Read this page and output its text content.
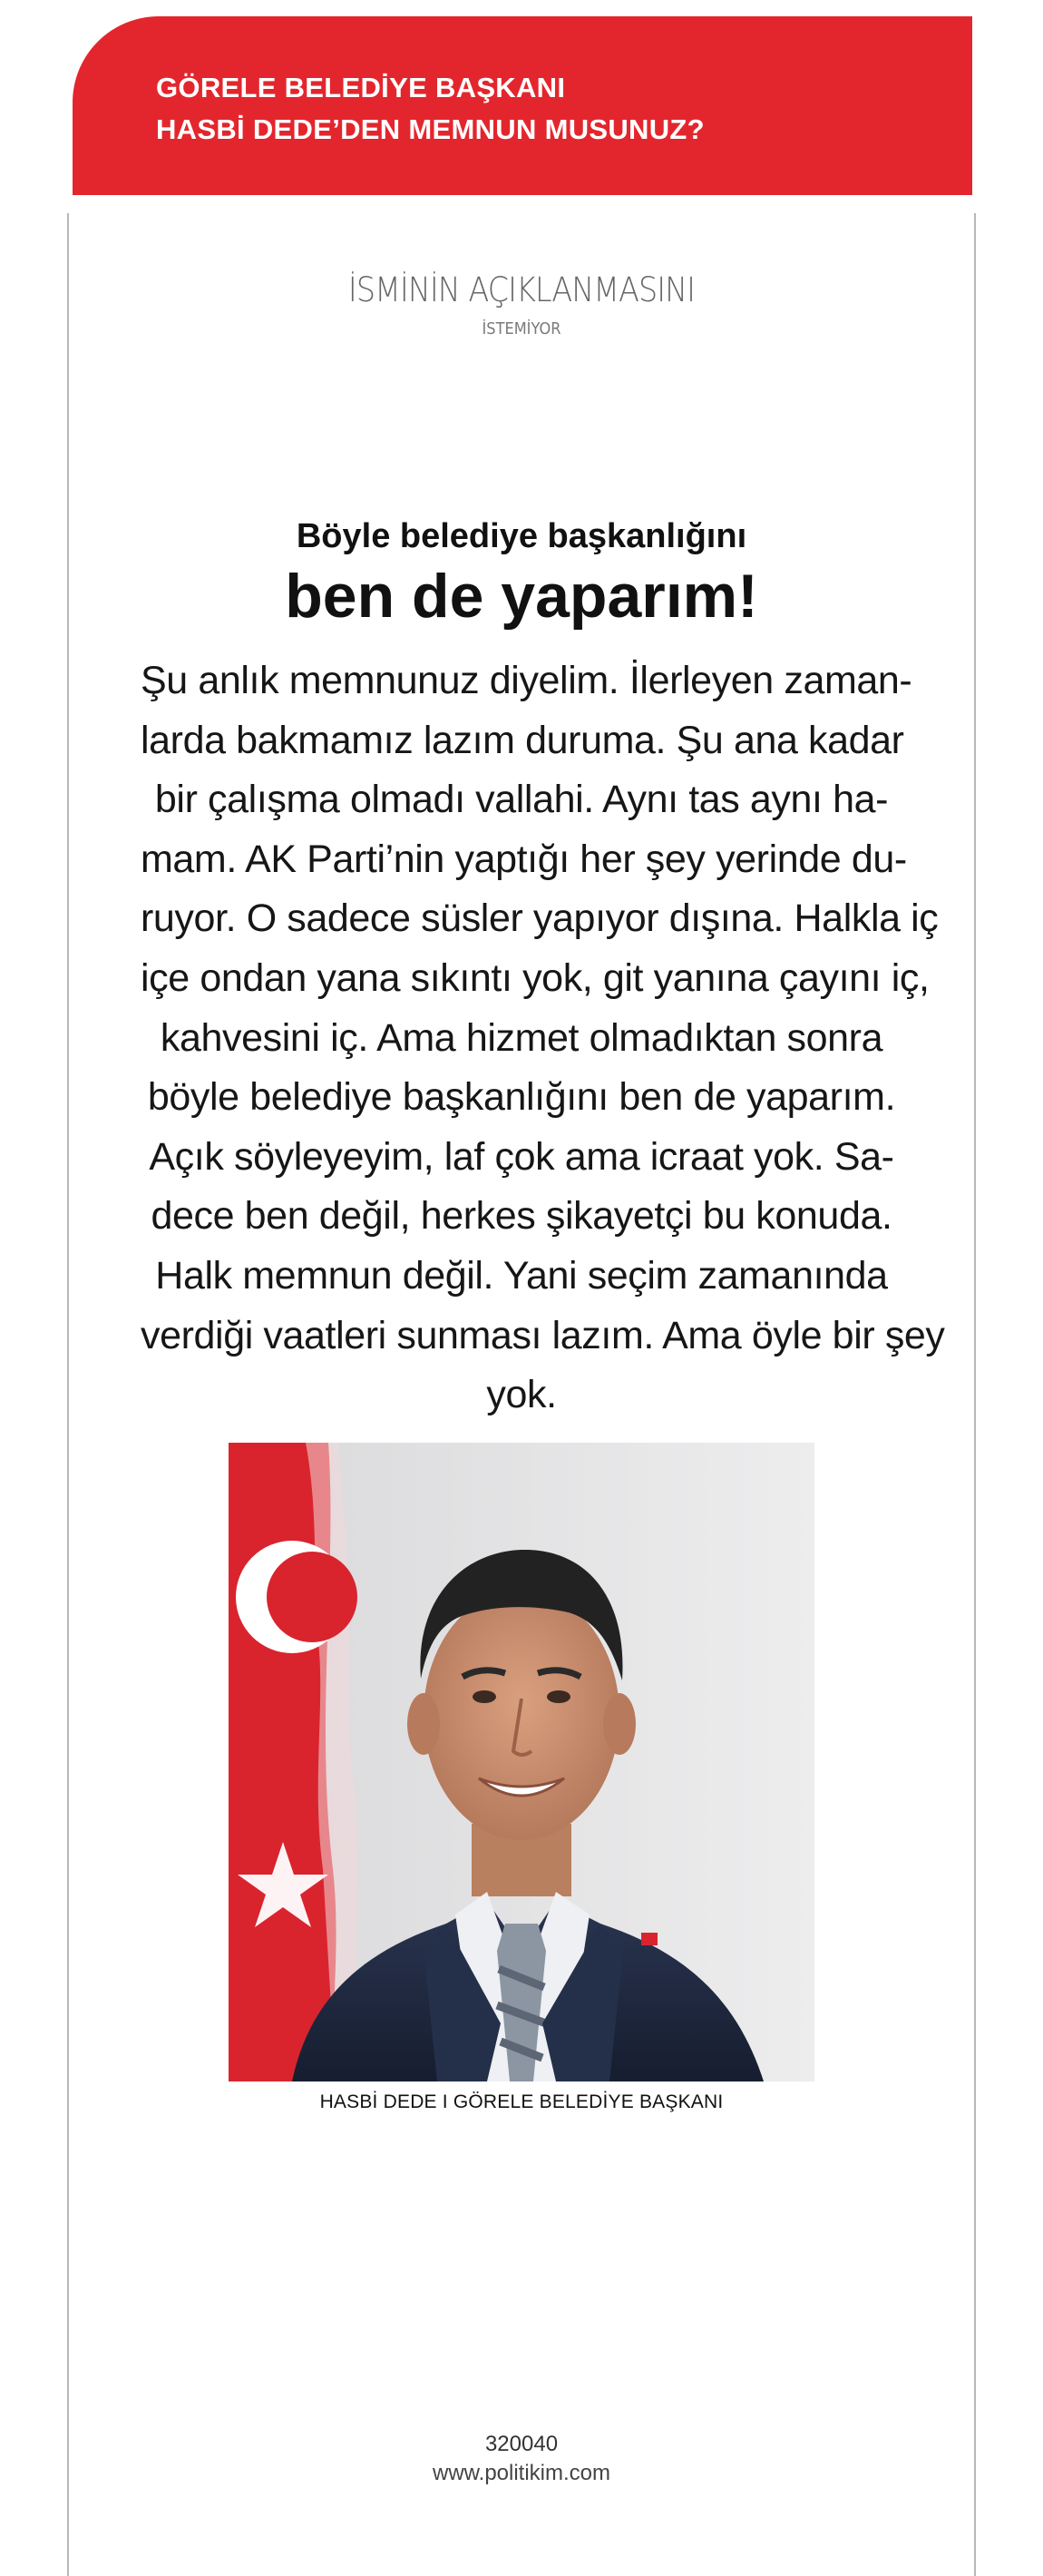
GÖRELE BELEDİYE BAŞKANI
HASBİ DEDE’DEN MEMNUN MUSUNUZ?
İSMİNİN AÇIKLANMASINI
İSTEMİYOR
Böyle belediye başkanlığını
ben de yaparım!
Şu anlık memnunuz diyelim. İlerleyen zaman-
larda bakmamız lazım duruma. Şu ana kadar
bir çalışma olmadı vallahi. Aynı tas aynı ha-
mam. AK Parti’nin yaptığı her şey yerinde du-
ruyor. O sadece süsler yapıyor dışına. Halkla iç
içe ondan yana sıkıntı yok, git yanına çayını iç,
kahvesini iç. Ama hizmet olmadıktan sonra
böyle belediye başkanlığını ben de yaparım.
Açık söyleyeyim, laf çok ama icraat yok. Sa-
dece ben değil, herkes şikayetçi bu konuda.
Halk memnun değil. Yani seçim zamanında
verdiği vaatleri sunması lazım. Ama öyle bir şey
yok.
HASBİ DEDE I GÖRELE BELEDİYE BAŞKANI
320040
www.politikim.com
